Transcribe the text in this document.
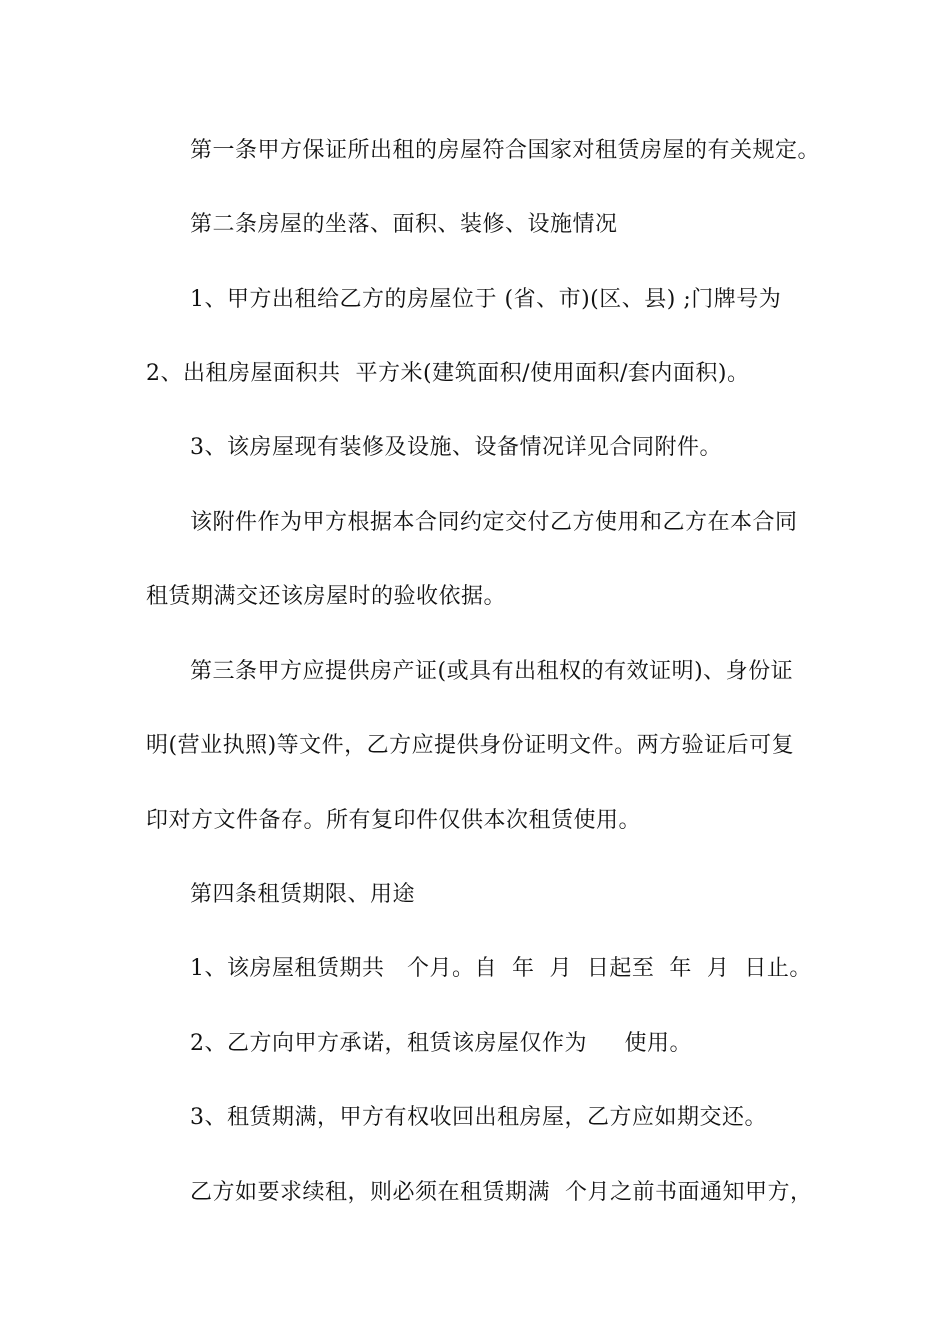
第一条甲方保证所出租的房屋符合国家对租赁房屋的有关规定。
第二条房屋的坐落、面积、装修、设施情况
1、甲方出租给乙方的房屋位于 (省、市)(区、县) ;门牌号为
2、出租房屋面积共  平方米(建筑面积/使用面积/套内面积)。
3、该房屋现有装修及设施、设备情况详见合同附件。
该附件作为甲方根据本合同约定交付乙方使用和乙方在本合同
租赁期满交还该房屋时的验收依据。
第三条甲方应提供房产证(或具有出租权的有效证明)、身份证
明(营业执照)等文件，乙方应提供身份证明文件。两方验证后可复
印对方文件备存。所有复印件仅供本次租赁使用。
第四条租赁期限、用途
1、该房屋租赁期共   个月。自  年  月  日起至  年  月  日止。
2、乙方向甲方承诺，租赁该房屋仅作为     使用。
3、租赁期满，甲方有权收回出租房屋，乙方应如期交还。
乙方如要求续租，则必须在租赁期满  个月之前书面通知甲方，
